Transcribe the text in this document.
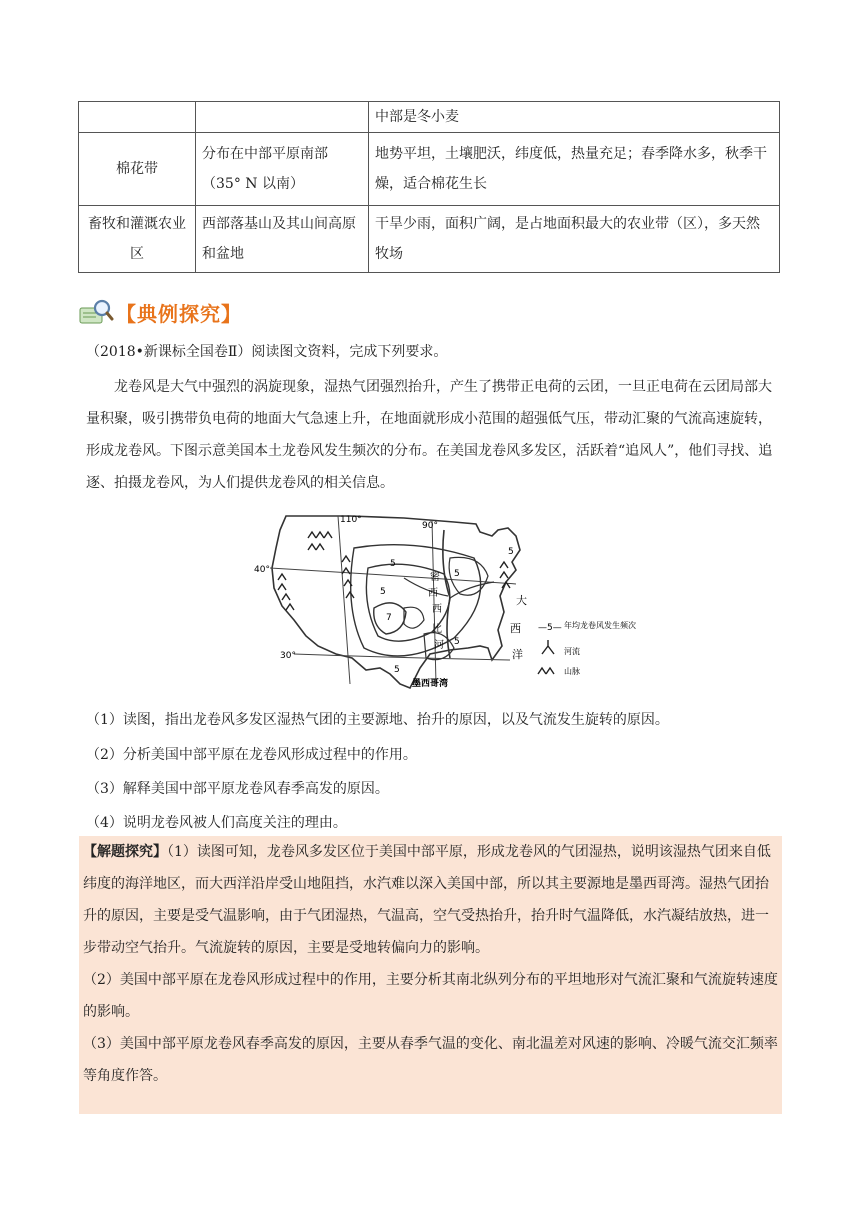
		中部是冬小麦
棉花带	分布在中部平原南部（35° N 以南）	地势平坦，土壤肥沃，纬度低，热量充足；春季降水多，秋季干燥，适合棉花生长
畜牧和灌溉农业区	西部落基山及其山间高原和盆地	干旱少雨，面积广阔，是占地面积最大的农业带（区），多天然牧场
【典例探究】

（2018•新课标全国卷Ⅱ）阅读图文资料，完成下列要求。

龙卷风是大气中强烈的涡旋现象，湿热气团强烈抬升，产生了携带正电荷的云团，一旦正电荷在云团局部大量积聚，吸引携带负电荷的地面大气急速上升，在地面就形成小范围的超强低气压，带动汇聚的气流高速旋转，形成龙卷风。下图示意美国本土龙卷风发生频次的分布。在美国龙卷风多发区，活跃着“追风人”，他们寻找、追逐、拍摄龙卷风，为人们提供龙卷风的相关信息。

110°
90°
40°
30°
5
7
5
5
5
5
5
密
西
西
比
河
墨西哥湾
大
西
洋
—5— 年均龙卷风发生频次
河流
山脉

（1）读图，指出龙卷风多发区湿热气团的主要源地、抬升的原因，以及气流发生旋转的原因。

（2）分析美国中部平原在龙卷风形成过程中的作用。

（3）解释美国中部平原龙卷风春季高发的原因。

（4）说明龙卷风被人们高度关注的理由。

【解题探究】（1）读图可知，龙卷风多发区位于美国中部平原，形成龙卷风的气团湿热，说明该湿热气团来自低纬度的海洋地区，而大西洋沿岸受山地阻挡，水汽难以深入美国中部，所以其主要源地是墨西哥湾。湿热气团抬升的原因，主要是受气温影响，由于气团湿热，气温高，空气受热抬升，抬升时气温降低，水汽凝结放热，进一步带动空气抬升。气流旋转的原因，主要是受地转偏向力的影响。

（2）美国中部平原在龙卷风形成过程中的作用，主要分析其南北纵列分布的平坦地形对气流汇聚和气流旋转速度的影响。

（3）美国中部平原龙卷风春季高发的原因，主要从春季气温的变化、南北温差对风速的影响、冷暖气流交汇频率等角度作答。
